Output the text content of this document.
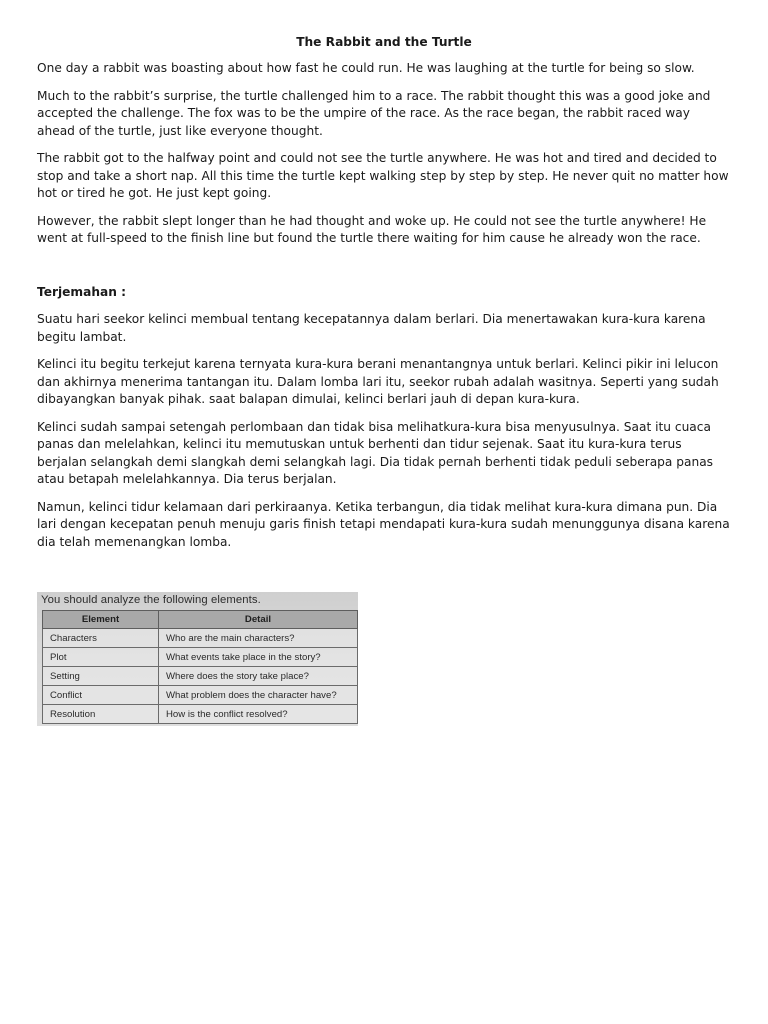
The Rabbit and the Turtle

One day a rabbit was boasting about how fast he could run. He was laughing at the turtle for being so slow.

Much to the rabbit’s surprise, the turtle challenged him to a race. The rabbit thought this was a good joke and accepted the challenge. The fox was to be the umpire of the race. As the race began, the rabbit raced way ahead of the turtle, just like everyone thought.

The rabbit got to the halfway point and could not see the turtle anywhere. He was hot and tired and decided to stop and take a short nap. All this time the turtle kept walking step by step by step. He never quit no matter how hot or tired he got. He just kept going.

However, the rabbit slept longer than he had thought and woke up. He could not see the turtle anywhere! He went at full-speed to the finish line but found the turtle there waiting for him cause he already won the race.

Terjemahan :

Suatu hari seekor kelinci membual tentang kecepatannya dalam berlari. Dia menertawakan kura-kura karena begitu lambat.

Kelinci itu begitu terkejut karena ternyata kura-kura berani menantangnya untuk berlari. Kelinci pikir ini lelucon dan akhirnya menerima tantangan itu. Dalam lomba lari itu, seekor rubah adalah wasitnya. Seperti yang sudah dibayangkan banyak pihak. saat balapan dimulai, kelinci berlari jauh di depan kura-kura.

Kelinci sudah sampai setengah perlombaan dan tidak bisa melihatkura-kura bisa menyusulnya. Saat itu cuaca panas dan melelahkan, kelinci itu memutuskan untuk berhenti dan tidur sejenak. Saat itu kura-kura terus berjalan selangkah demi slangkah demi selangkah lagi. Dia tidak pernah berhenti tidak peduli seberapa panas atau betapah melelahkannya. Dia terus berjalan.

Namun, kelinci tidur kelamaan dari perkiraanya. Ketika terbangun, dia tidak melihat kura-kura dimana pun. Dia lari dengan kecepatan penuh menuju garis finish tetapi mendapati kura-kura sudah menunggunya disana karena dia telah memenangkan lomba.

You should analyze the following elements.
Element	Detail
Characters	Who are the main characters?
Plot	What events take place in the story?
Setting	Where does the story take place?
Conflict	What problem does the character have?
Resolution	How is the conflict resolved?
